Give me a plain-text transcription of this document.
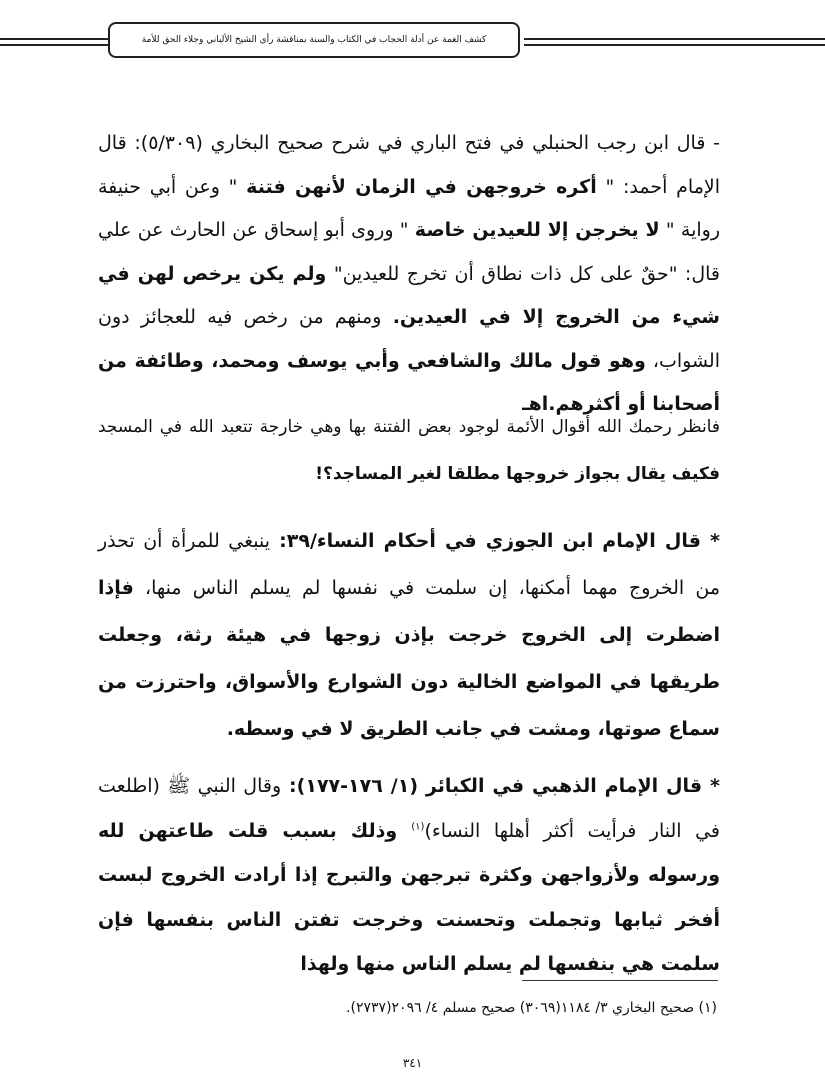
كشف الغمة عن أدلة الحجاب في الكتاب والسنة بمناقشة رأي الشيخ الألباني وجلاء الحق للأمة
- قال ابن رجب الحنبلي في فتح الباري في شرح صحيح البخاري (٥/٣٠٩): قال الإمام أحمد: " أكره خروجهن في الزمان لأنهن فتنة " وعن أبي حنيفة رواية " لا يخرجن إلا للعيدين خاصة " وروى أبو إسحاق عن الحارث عن علي قال: "حقٌ على كل ذات نطاق أن تخرج للعيدين" ولم يكن يرخص لهن في شيء من الخروج إلا في العيدين. ومنهم من رخص فيه للعجائز دون الشواب، وهو قول مالك والشافعي وأبي يوسف ومحمد، وطائفة من أصحابنا أو أكثرهم.اهـ
فانظر رحمك الله أقوال الأئمة لوجود بعض الفتنة بها وهي خارجة تتعبد الله في المسجد فكيف يقال بجواز خروجها مطلقا لغير المساجد؟!
* قال الإمام ابن الجوزي في أحكام النساء/٣٩: ينبغي للمرأة أن تحذر من الخروج مهما أمكنها، إن سلمت في نفسها لم يسلم الناس منها، فإذا اضطرت إلى الخروج خرجت بإذن زوجها في هيئة رثة، وجعلت طريقها في المواضع الخالية دون الشوارع والأسواق، واحترزت من سماع صوتها، ومشت في جانب الطريق لا في وسطه.
* قال الإمام الذهبي في الكبائر (١/ ١٧٦-١٧٧): وقال النبي ﷺ (اطلعت في النار فرأيت أكثر أهلها النساء)$^{(١)}$ وذلك بسبب قلت طاعتهن لله ورسوله ولأزواجهن وكثرة تبرجهن والتبرج إذا أرادت الخروج لبست أفخر ثيابها وتجملت وتحسنت وخرجت تفتن الناس بنفسها فإن سلمت هي بنفسها لم يسلم الناس منها ولهذا
(١) صحيح البخاري ٣/ ١١٨٤(٣٠٦٩) صحيح مسلم ٤/ ٢٠٩٦(٢٧٣٧).
٣٤١
